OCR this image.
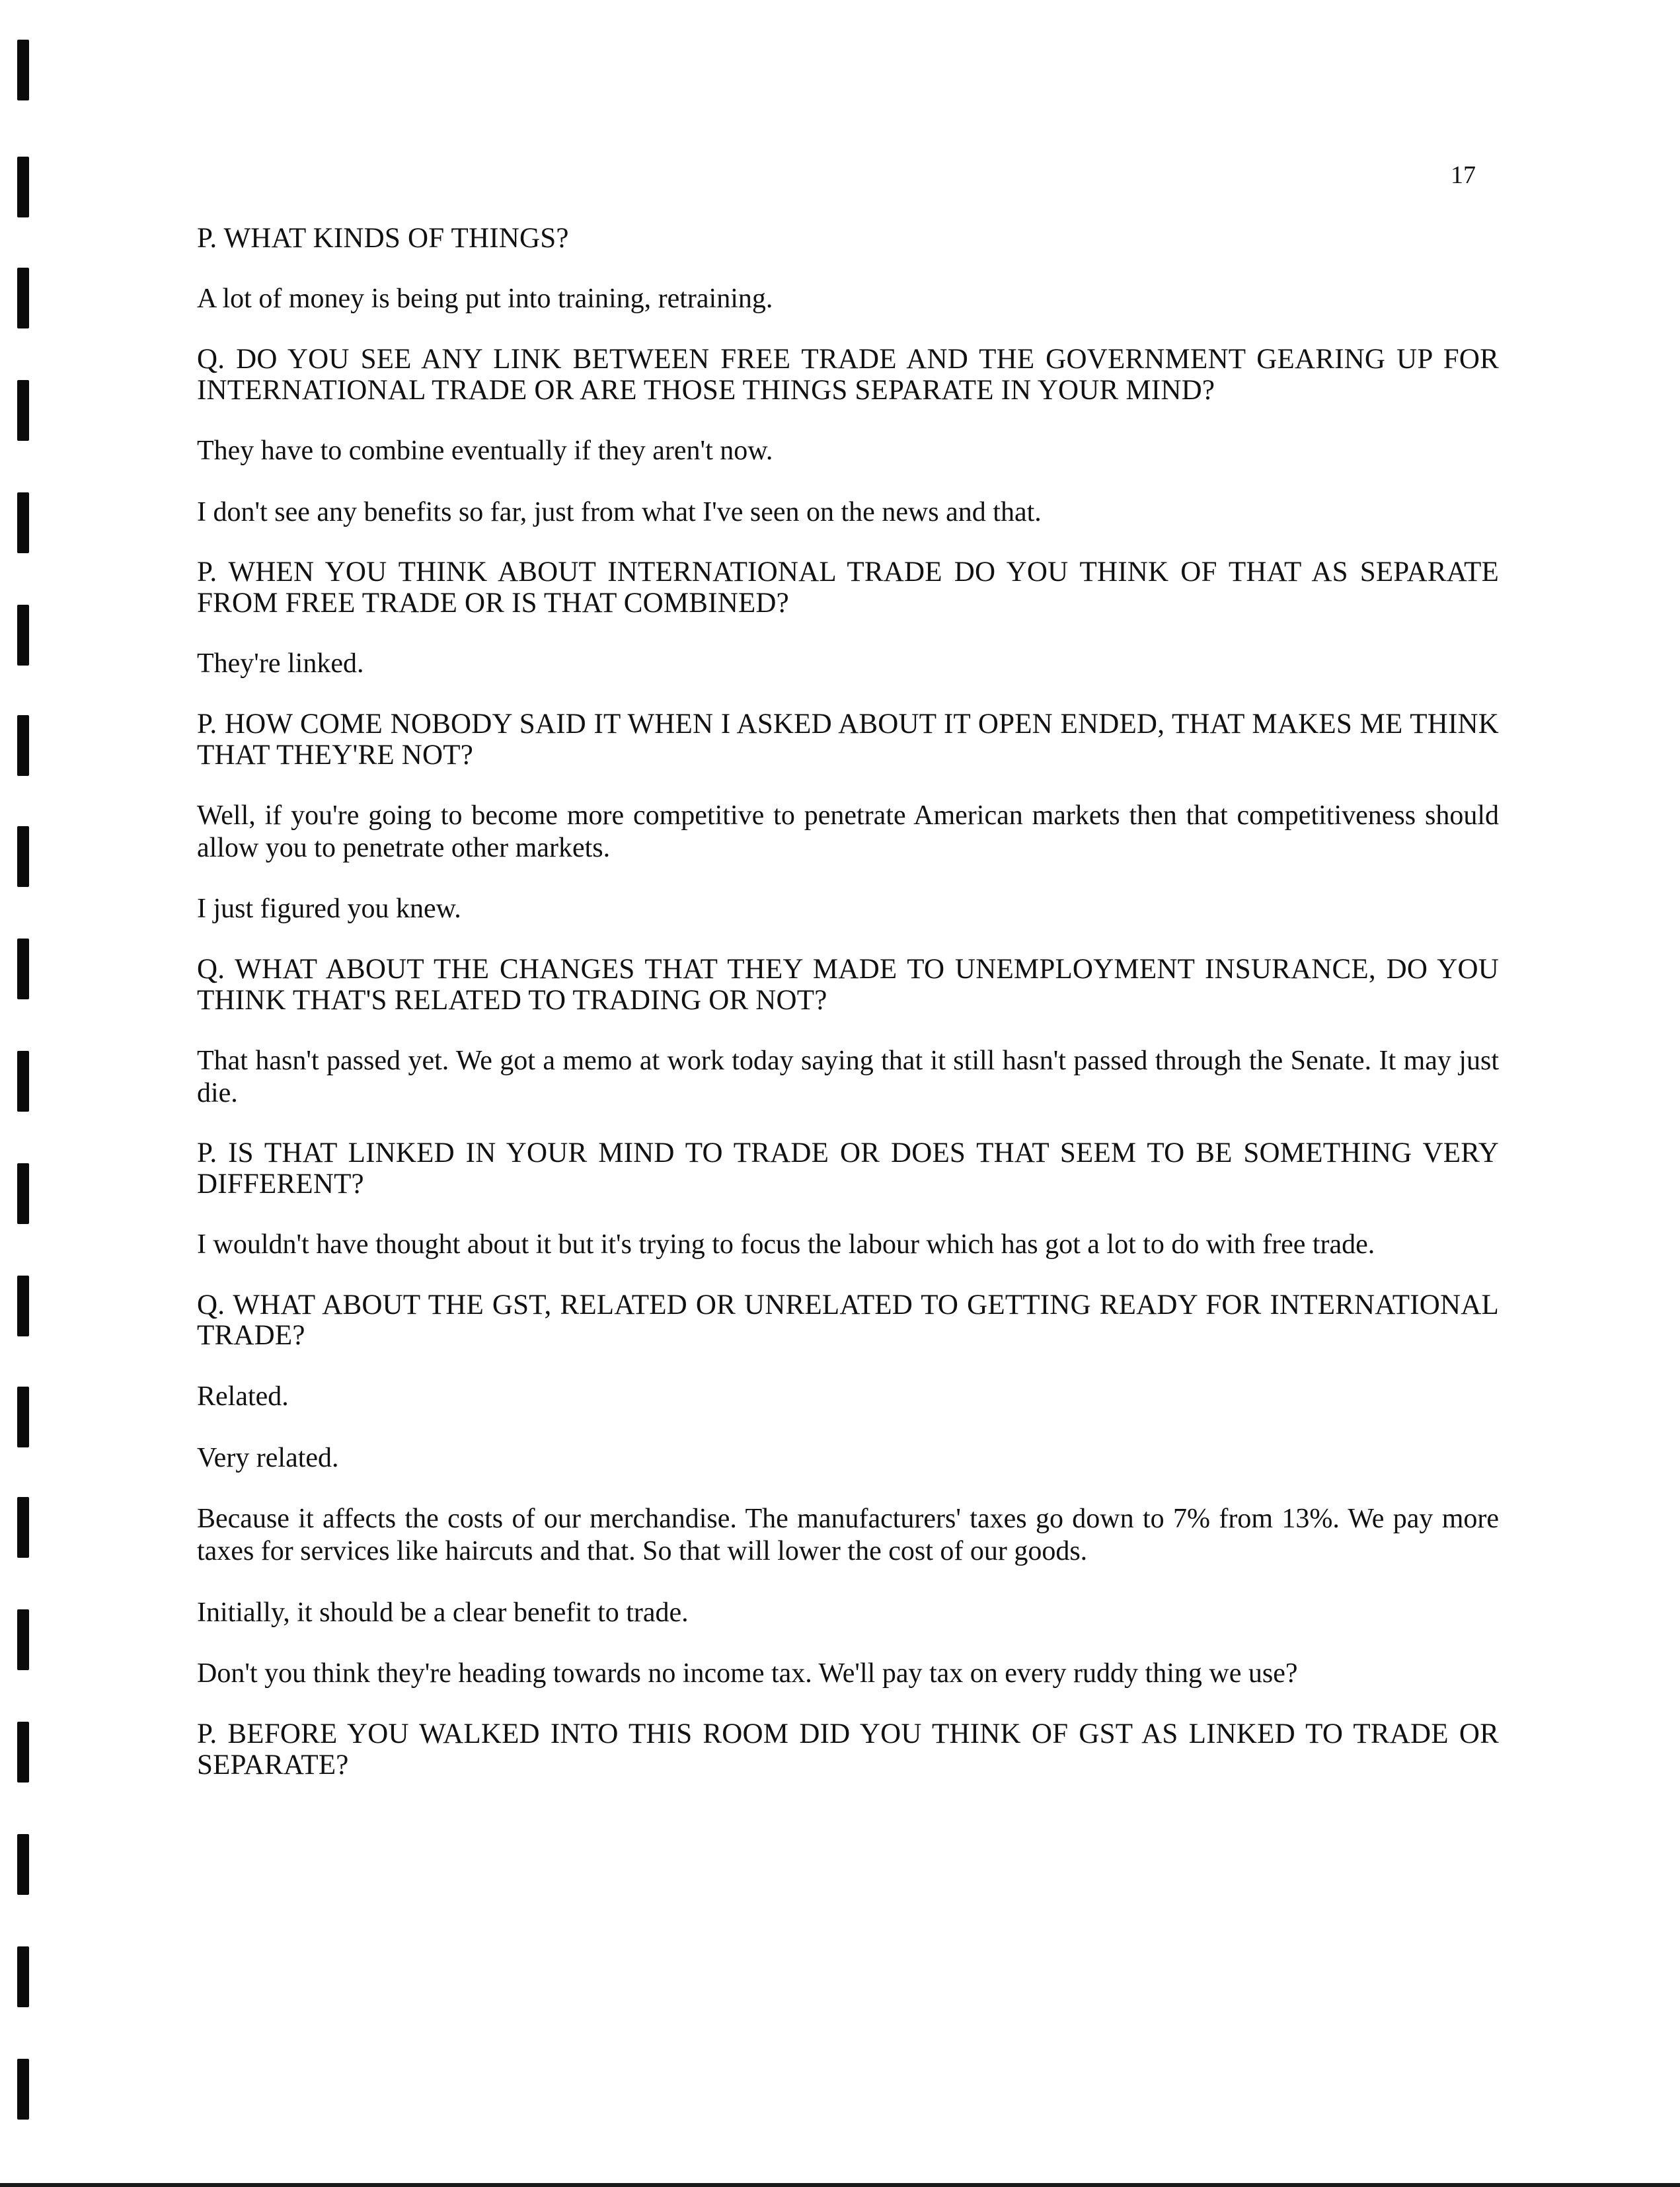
17

P. WHAT KINDS OF THINGS?

A lot of money is being put into training, retraining.

Q. DO YOU SEE ANY LINK BETWEEN FREE TRADE AND THE GOVERNMENT GEARING UP FOR INTERNATIONAL TRADE OR ARE THOSE THINGS SEPARATE IN YOUR MIND?

They have to combine eventually if they aren't now.

I don't see any benefits so far, just from what I've seen on the news and that.

P. WHEN YOU THINK ABOUT INTERNATIONAL TRADE DO YOU THINK OF THAT AS SEPARATE FROM FREE TRADE OR IS THAT COMBINED?

They're linked.

P. HOW COME NOBODY SAID IT WHEN I ASKED ABOUT IT OPEN ENDED, THAT MAKES ME THINK THAT THEY'RE NOT?

Well, if you're going to become more competitive to penetrate American markets then that competitiveness should allow you to penetrate other markets.

I just figured you knew.

Q. WHAT ABOUT THE CHANGES THAT THEY MADE TO UNEMPLOYMENT INSURANCE, DO YOU THINK THAT'S RELATED TO TRADING OR NOT?

That hasn't passed yet. We got a memo at work today saying that it still hasn't passed through the Senate. It may just die.

P. IS THAT LINKED IN YOUR MIND TO TRADE OR DOES THAT SEEM TO BE SOMETHING VERY DIFFERENT?

I wouldn't have thought about it but it's trying to focus the labour which has got a lot to do with free trade.

Q. WHAT ABOUT THE GST, RELATED OR UNRELATED TO GETTING READY FOR INTERNATIONAL TRADE?

Related.

Very related.

Because it affects the costs of our merchandise. The manufacturers' taxes go down to 7% from 13%. We pay more taxes for services like haircuts and that. So that will lower the cost of our goods.

Initially, it should be a clear benefit to trade.

Don't you think they're heading towards no income tax. We'll pay tax on every ruddy thing we use?

P. BEFORE YOU WALKED INTO THIS ROOM DID YOU THINK OF GST AS LINKED TO TRADE OR SEPARATE?
